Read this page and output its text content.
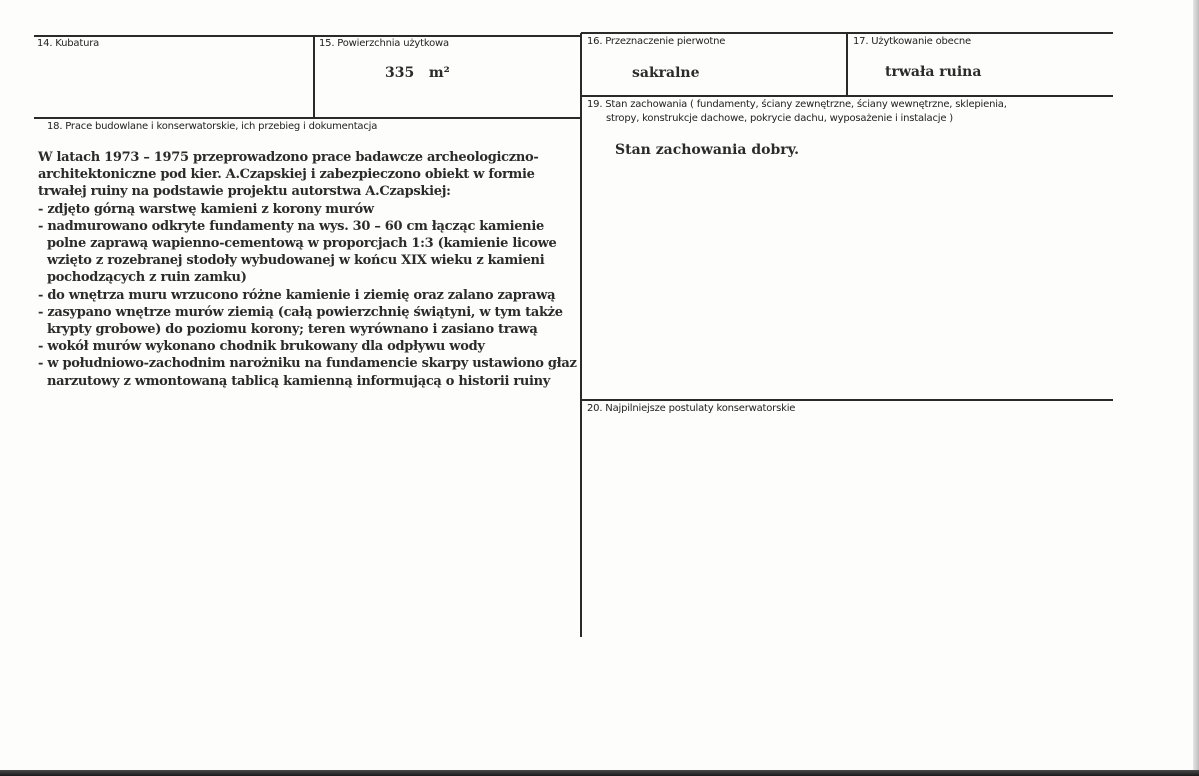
14. Kubatura	15. Powierzchnia użytkowa
335   m²
16. Przeznaczenie pierwotne
sakralne
17. Użytkowanie obecne
trwała ruina
18. Prace budowlane i konserwatorskie, ich przebieg i dokumentacja

W latach 1973 – 1975 przeprowadzono prace badawcze archeologiczno-architektoniczne pod kier. A.Czapskiej i zabezpieczono obiekt w formie trwałej ruiny na podstawie projektu autorstwa A.Czapskiej:

- zdjęto górną warstwę kamieni z korony murów
- nadmurowano odkryte fundamenty na wys. 30 – 60 cm łącząc kamienie polne zaprawą wapienno-cementową w proporcjach 1:3 (kamienie licowe wzięto z rozebranej stodoły wybudowanej w końcu XIX wieku z kamieni pochodzących z ruin zamku)
- do wnętrza muru wrzucono różne kamienie i ziemię oraz zalano zaprawą
- zasypano wnętrze murów ziemią (całą powierzchnię świątyni, w tym także krypty grobowe) do poziomu korony; teren wyrównano i zasiano trawą
- wokół murów wykonano chodnik brukowany dla odpływu wody
- w południowo-zachodnim narożniku na fundamencie skarpy ustawiono głaz narzutowy z wmontowaną tablicą kamienną informującą o historii ruiny
19. Stan zachowania ( fundamenty, ściany zewnętrzne, ściany wewnętrzne, sklepienia,
stropy, konstrukcje dachowe, pokrycie dachu, wyposażenie i instalacje )
Stan zachowania dobry.
20. Najpilniejsze postulaty konserwatorskie
